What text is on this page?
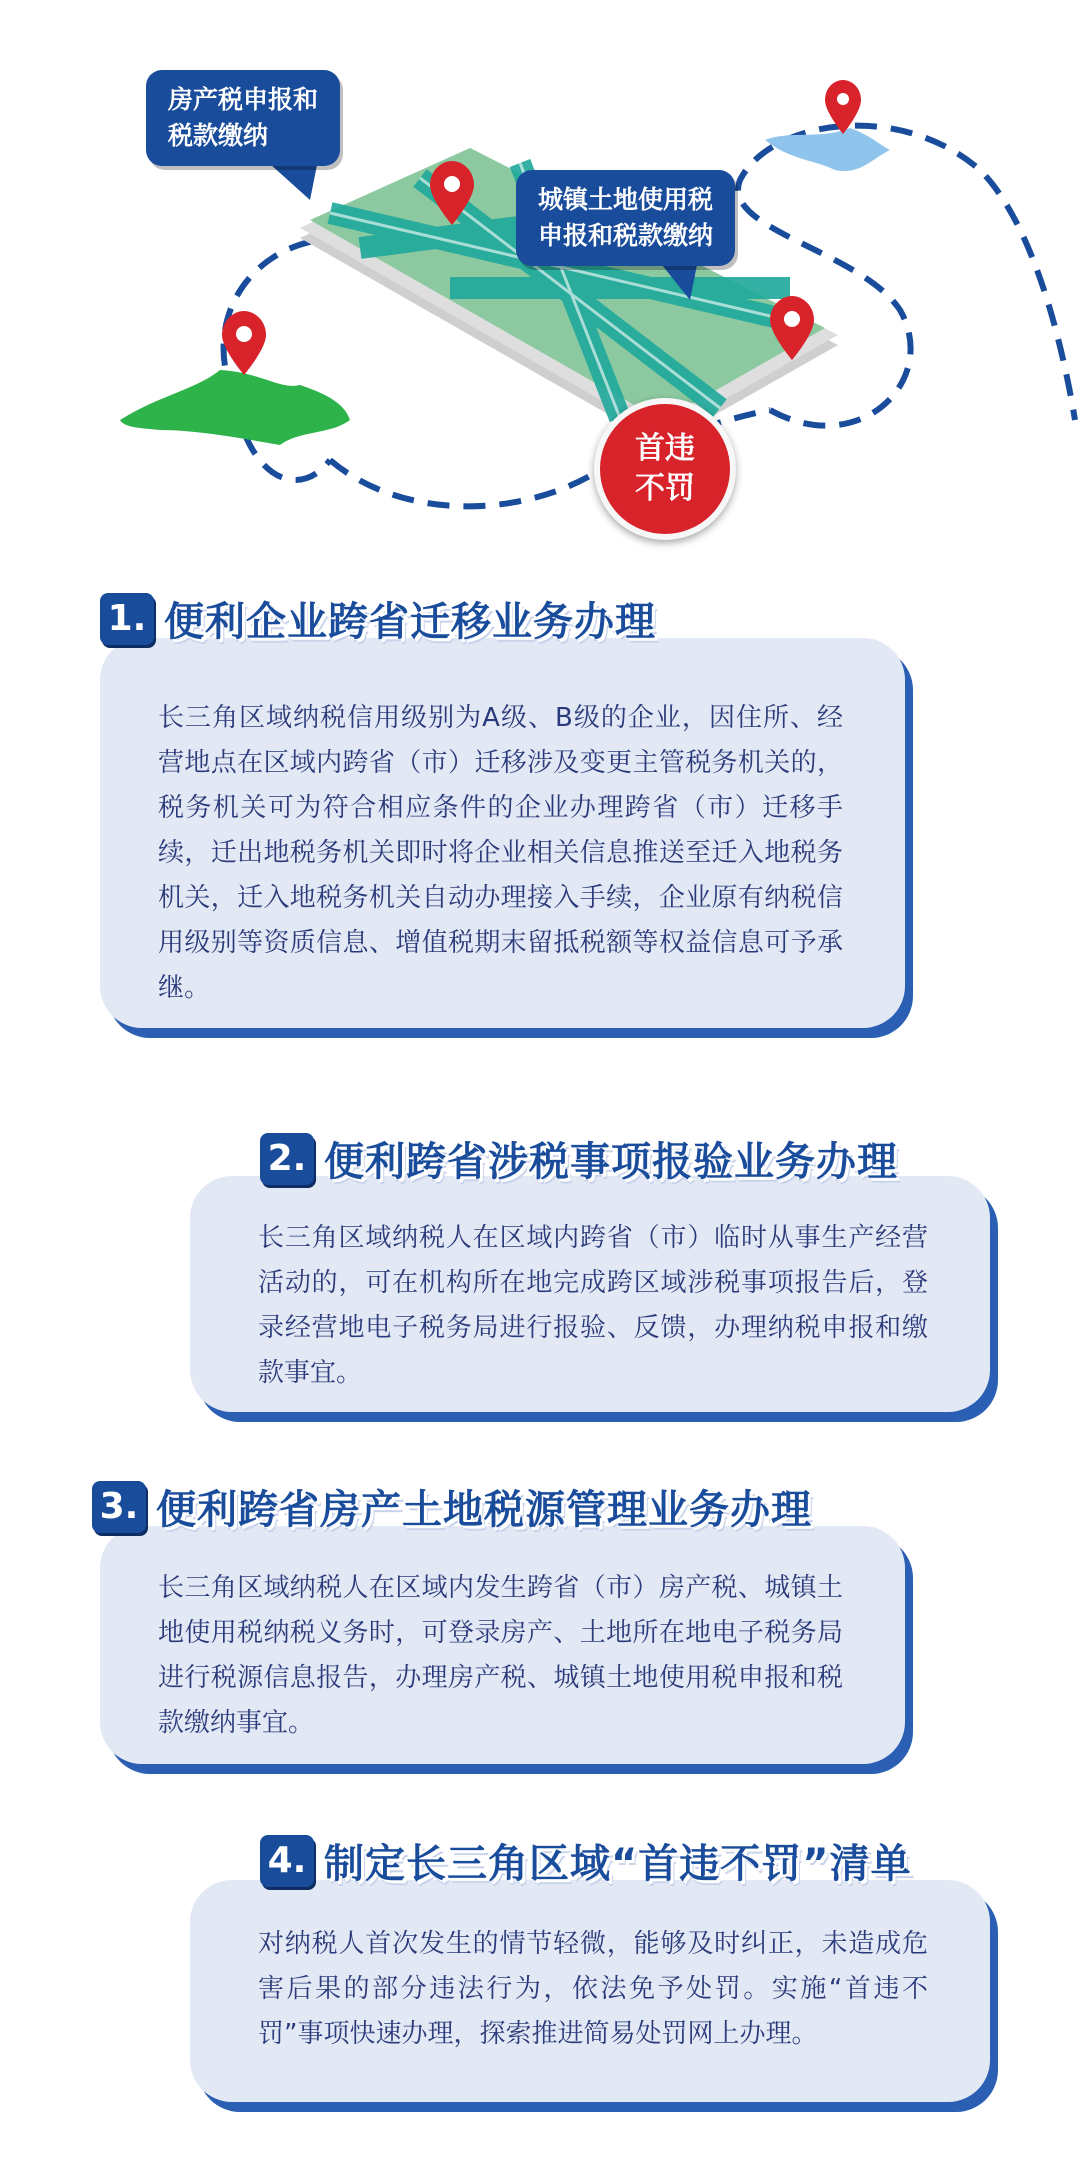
房产税申报和
税款缴纳
城镇土地使用税
申报和税款缴纳
首违
不罚
1. 便利企业跨省迁移业务办理

长三角区域纳税信用级别为A级、B级的企业，因住所、经营地点在区域内跨省（市）迁移涉及变更主管税务机关的，税务机关可为符合相应条件的企业办理跨省（市）迁移手续，迁出地税务机关即时将企业相关信息推送至迁入地税务机关，迁入地税务机关自动办理接入手续，企业原有纳税信用级别等资质信息、增值税期末留抵税额等权益信息可予承继。

2. 便利跨省涉税事项报验业务办理

长三角区域纳税人在区域内跨省（市）临时从事生产经营活动的，可在机构所在地完成跨区域涉税事项报告后，登录经营地电子税务局进行报验、反馈，办理纳税申报和缴款事宜。

3. 便利跨省房产土地税源管理业务办理

长三角区域纳税人在区域内发生跨省（市）房产税、城镇土地使用税纳税义务时，可登录房产、土地所在地电子税务局进行税源信息报告，办理房产税、城镇土地使用税申报和税款缴纳事宜。

4. 制定长三角区域“首违不罚”清单

对纳税人首次发生的情节轻微，能够及时纠正，未造成危害后果的部分违法行为，依法免予处罚。实施“首违不罚”事项快速办理，探索推进简易处罚网上办理。
